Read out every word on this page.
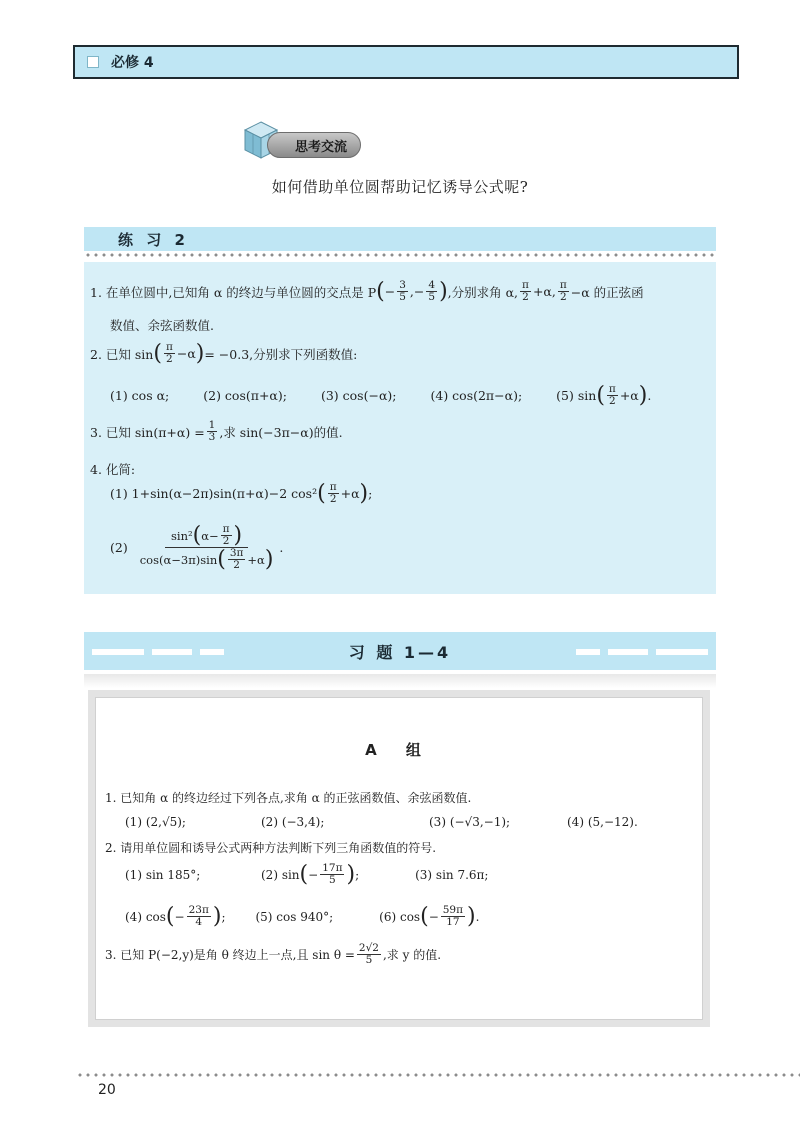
必修 4
思考交流
如何借助单位圆帮助记忆诱导公式呢?
练 习 2
1. 在单位圆中,已知角 α 的终边与单位圆的交点是 P ( − $\frac{3}{5}$ , − $\frac{4}{5}$ ) ,分别求角 α, $\frac{\pi}{2} +\alpha$, $\frac{\pi}{2} -\alpha$ 的正弦函
数值、余弦函数值.
2. 已知 sin ( $\frac{\pi}{2} -\alpha$ ) = −0.3,分别求下列函数值:
(1) cos α;	(2) cos(π+α);	(3) cos(−α);	(4) cos(2π−α);	(5) sin ( $\frac{\pi}{2} +\alpha$ ) .
3. 已知 $\sin(\pi+\alpha) = \frac{1}{3}$ ,求 sin(−3π−α)的值.
4. 化简:
(1) 1+sin(α−2π)sin(π+α)−2 cos² ( $\frac{\pi}{2} +\alpha$ ) ;
$(2) \frac{\sin^2 ( \alpha- \frac{\pi}{2} )}{\cos(\alpha-3\pi)\sin ( \frac{3\pi}{2} +\alpha )}$ .
习 题 1—4
A 组
1. 已知角 α 的终边经过下列各点,求角 α 的正弦函数值、余弦函数值.
(1) (2,√5);	(2) (−3,4);	(3) (−√3,−1);	(4) (5,−12).
2. 请用单位圆和诱导公式两种方法判断下列三角函数值的符号.
(1) sin 185°;	(2) sin ( − $\frac{17\pi}{5}$ ) ;	(3) sin 7.6π;
(4) cos ( − $\frac{23\pi}{4}$ ) ;	(5) cos 940°;	(6) cos ( − $\frac{59\pi}{17}$ ) .
3. 已知 P(−2,y)是角 θ 终边上一点,且 $\sin \theta = \frac{2√2}{5}$ ,求 y 的值.
20
